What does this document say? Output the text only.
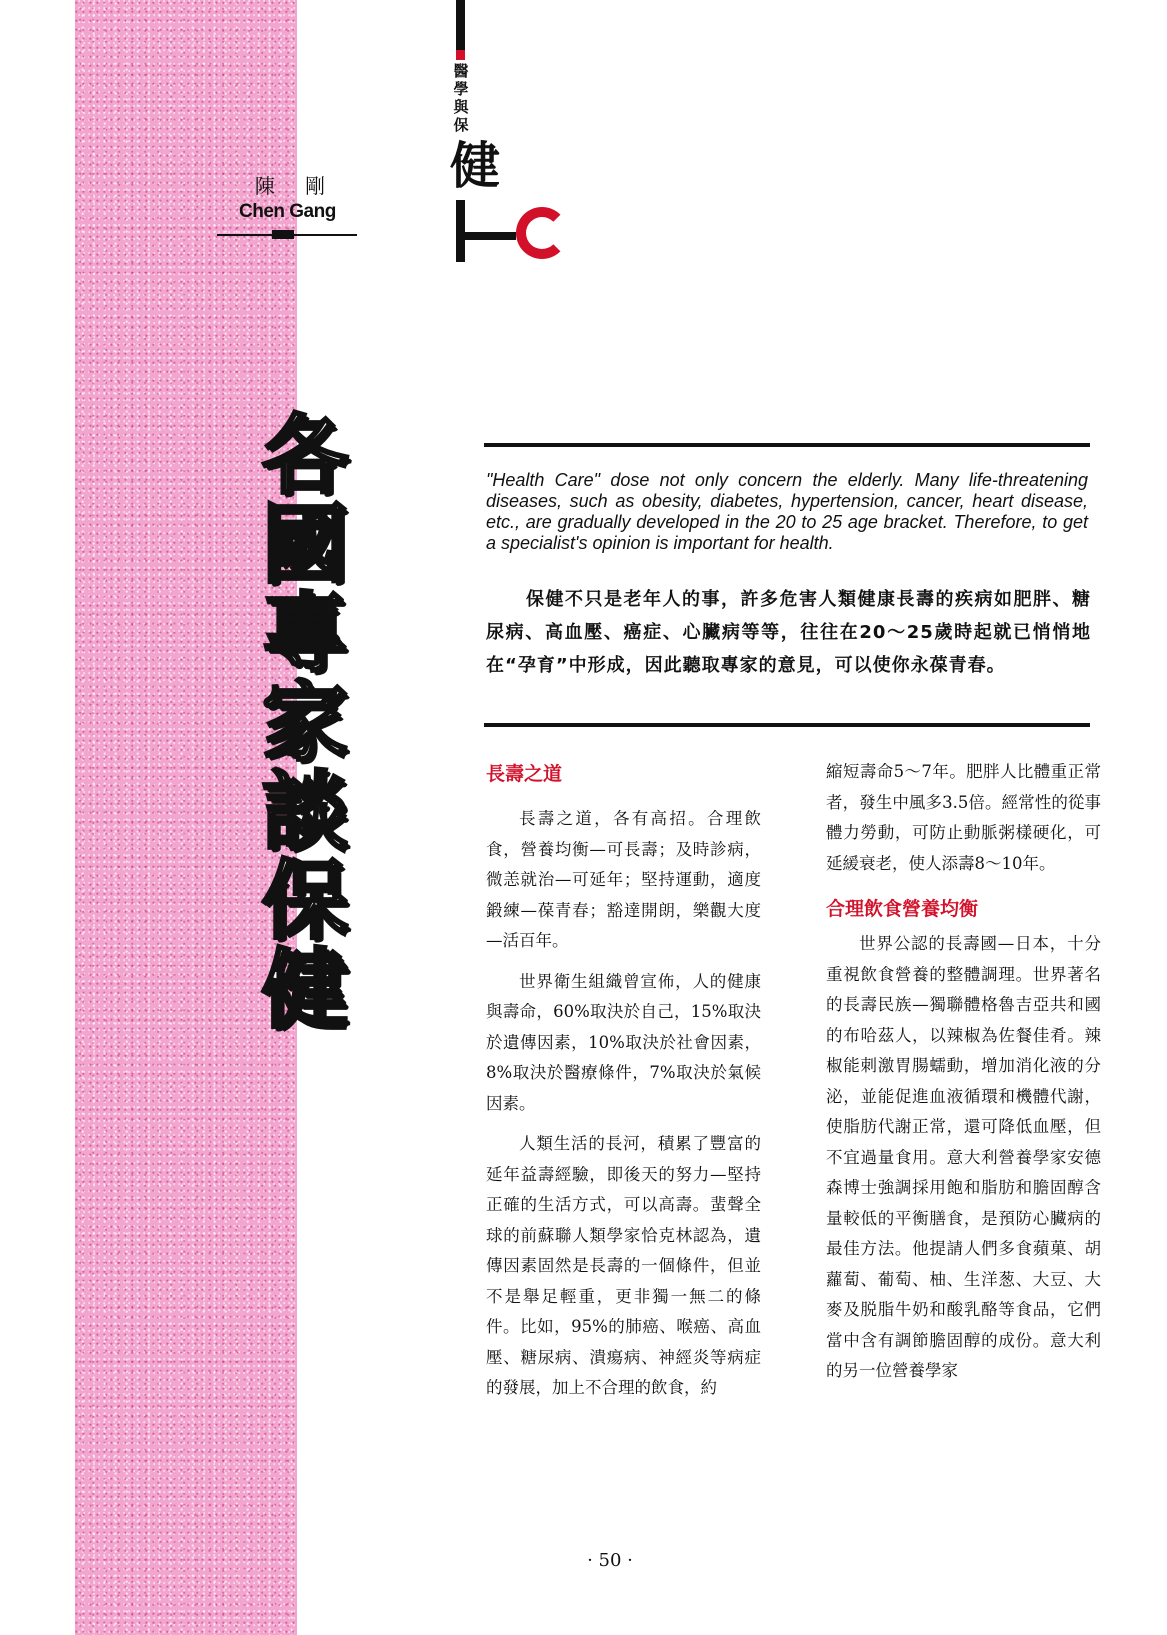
陳 剛

Chen Gang

醫學與保
健
各國專家談保健

"Health Care" dose not only concern the elderly. Many life-threatening diseases, such as obesity, diabetes, hypertension, cancer, heart disease, etc., are gradually developed in the 20 to 25 age bracket. Therefore, to get a specialist's opinion is important for health.

保健不只是老年人的事，許多危害人類健康長壽的疾病如肥胖、糖尿病、高血壓、癌症、心臟病等等，往往在20～25歲時起就已悄悄地在“孕育”中形成，因此聽取專家的意見，可以使你永葆青春。

長壽之道

長壽之道，各有高招。合理飲食，營養均衡—可長壽；及時診病，微恙就治—可延年；堅持運動，適度鍛練—葆青春；豁達開朗，樂觀大度—活百年。

世界衛生組織曾宣佈，人的健康與壽命，60%取決於自己，15%取決於遺傳因素，10%取決於社會因素，8%取決於醫療條件，7%取決於氣候因素。

人類生活的長河，積累了豐富的延年益壽經驗，即後天的努力—堅持正確的生活方式，可以高壽。蜚聲全球的前蘇聯人類學家恰克林認為，遺傳因素固然是長壽的一個條件，但並不是舉足輕重，更非獨一無二的條件。比如，95%的肺癌、喉癌、高血壓、糖尿病、潰瘍病、神經炎等病症的發展，加上不合理的飲食，約

縮短壽命5～7年。肥胖人比體重正常者，發生中風多3.5倍。經常性的從事體力勞動，可防止動脈粥樣硬化，可延緩衰老，使人添壽8～10年。

合理飲食營養均衡

世界公認的長壽國—日本，十分重視飲食營養的整體調理。世界著名的長壽民族—獨聯體格魯吉亞共和國的布哈茲人，以辣椒為佐餐佳肴。辣椒能刺激胃腸蠕動，增加消化液的分泌，並能促進血液循環和機體代謝，使脂肪代謝正常，還可降低血壓，但不宜過量食用。意大利營養學家安德森博士強調採用飽和脂肪和膽固醇含量較低的平衡膳食，是預防心臟病的最佳方法。他提請人們多食蘋菓、胡蘿蔔、葡萄、柚、生洋葱、大豆、大麥及脱脂牛奶和酸乳酪等食品，它們當中含有調節膽固醇的成份。意大利的另一位營養學家

· 50 ·
